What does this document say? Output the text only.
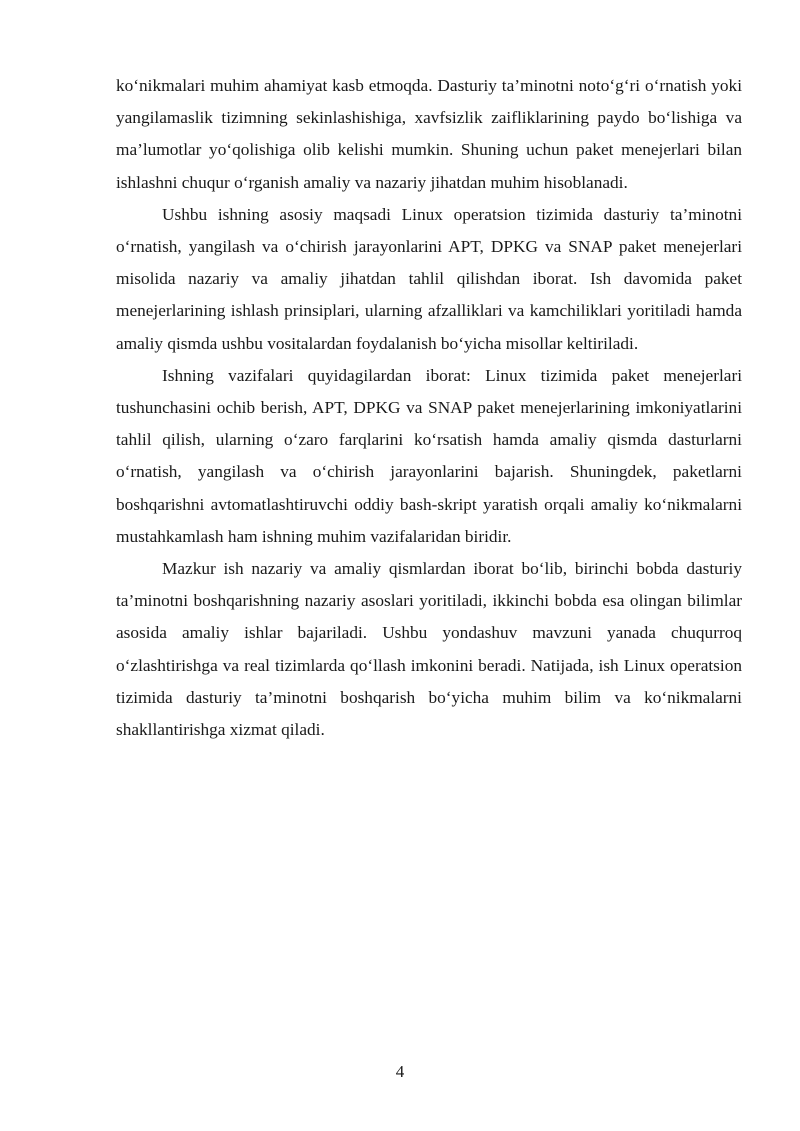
ko‘nikmalari muhim ahamiyat kasb etmoqda. Dasturiy ta’minotni noto‘g‘ri o‘rnatish yoki yangilamaslik tizimning sekinlashishiga, xavfsizlik zaifliklarining paydo bo‘lishiga va ma’lumotlar yo‘qolishiga olib kelishi mumkin. Shuning uchun paket menejerlari bilan ishlashni chuqur o‘rganish amaliy va nazariy jihatdan muhim hisoblanadi.

Ushbu ishning asosiy maqsadi Linux operatsion tizimida dasturiy ta’minotni o‘rnatish, yangilash va o‘chirish jarayonlarini APT, DPKG va SNAP paket menejerlari misolida nazariy va amaliy jihatdan tahlil qilishdan iborat. Ish davomida paket menejerlarining ishlash prinsiplari, ularning afzalliklari va kamchiliklari yoritiladi hamda amaliy qismda ushbu vositalardan foydalanish bo‘yicha misollar keltiriladi.

Ishning vazifalari quyidagilardan iborat: Linux tizimida paket menejerlari tushunchasini ochib berish, APT, DPKG va SNAP paket menejerlarining imkoniyatlarini tahlil qilish, ularning o‘zaro farqlarini ko‘rsatish hamda amaliy qismda dasturlarni o‘rnatish, yangilash va o‘chirish jarayonlarini bajarish. Shuningdek, paketlarni boshqarishni avtomatlashtiruvchi oddiy bash-skript yaratish orqali amaliy ko‘nikmalarni mustahkamlash ham ishning muhim vazifalaridan biridir.

Mazkur ish nazariy va amaliy qismlardan iborat bo‘lib, birinchi bobda dasturiy ta’minotni boshqarishning nazariy asoslari yoritiladi, ikkinchi bobda esa olingan bilimlar asosida amaliy ishlar bajariladi. Ushbu yondashuv mavzuni yanada chuqurroq o‘zlashtirishga va real tizimlarda qo‘llash imkonini beradi. Natijada, ish Linux operatsion tizimida dasturiy ta’minotni boshqarish bo‘yicha muhim bilim va ko‘nikmalarni shakllantirishga xizmat qiladi.

4
